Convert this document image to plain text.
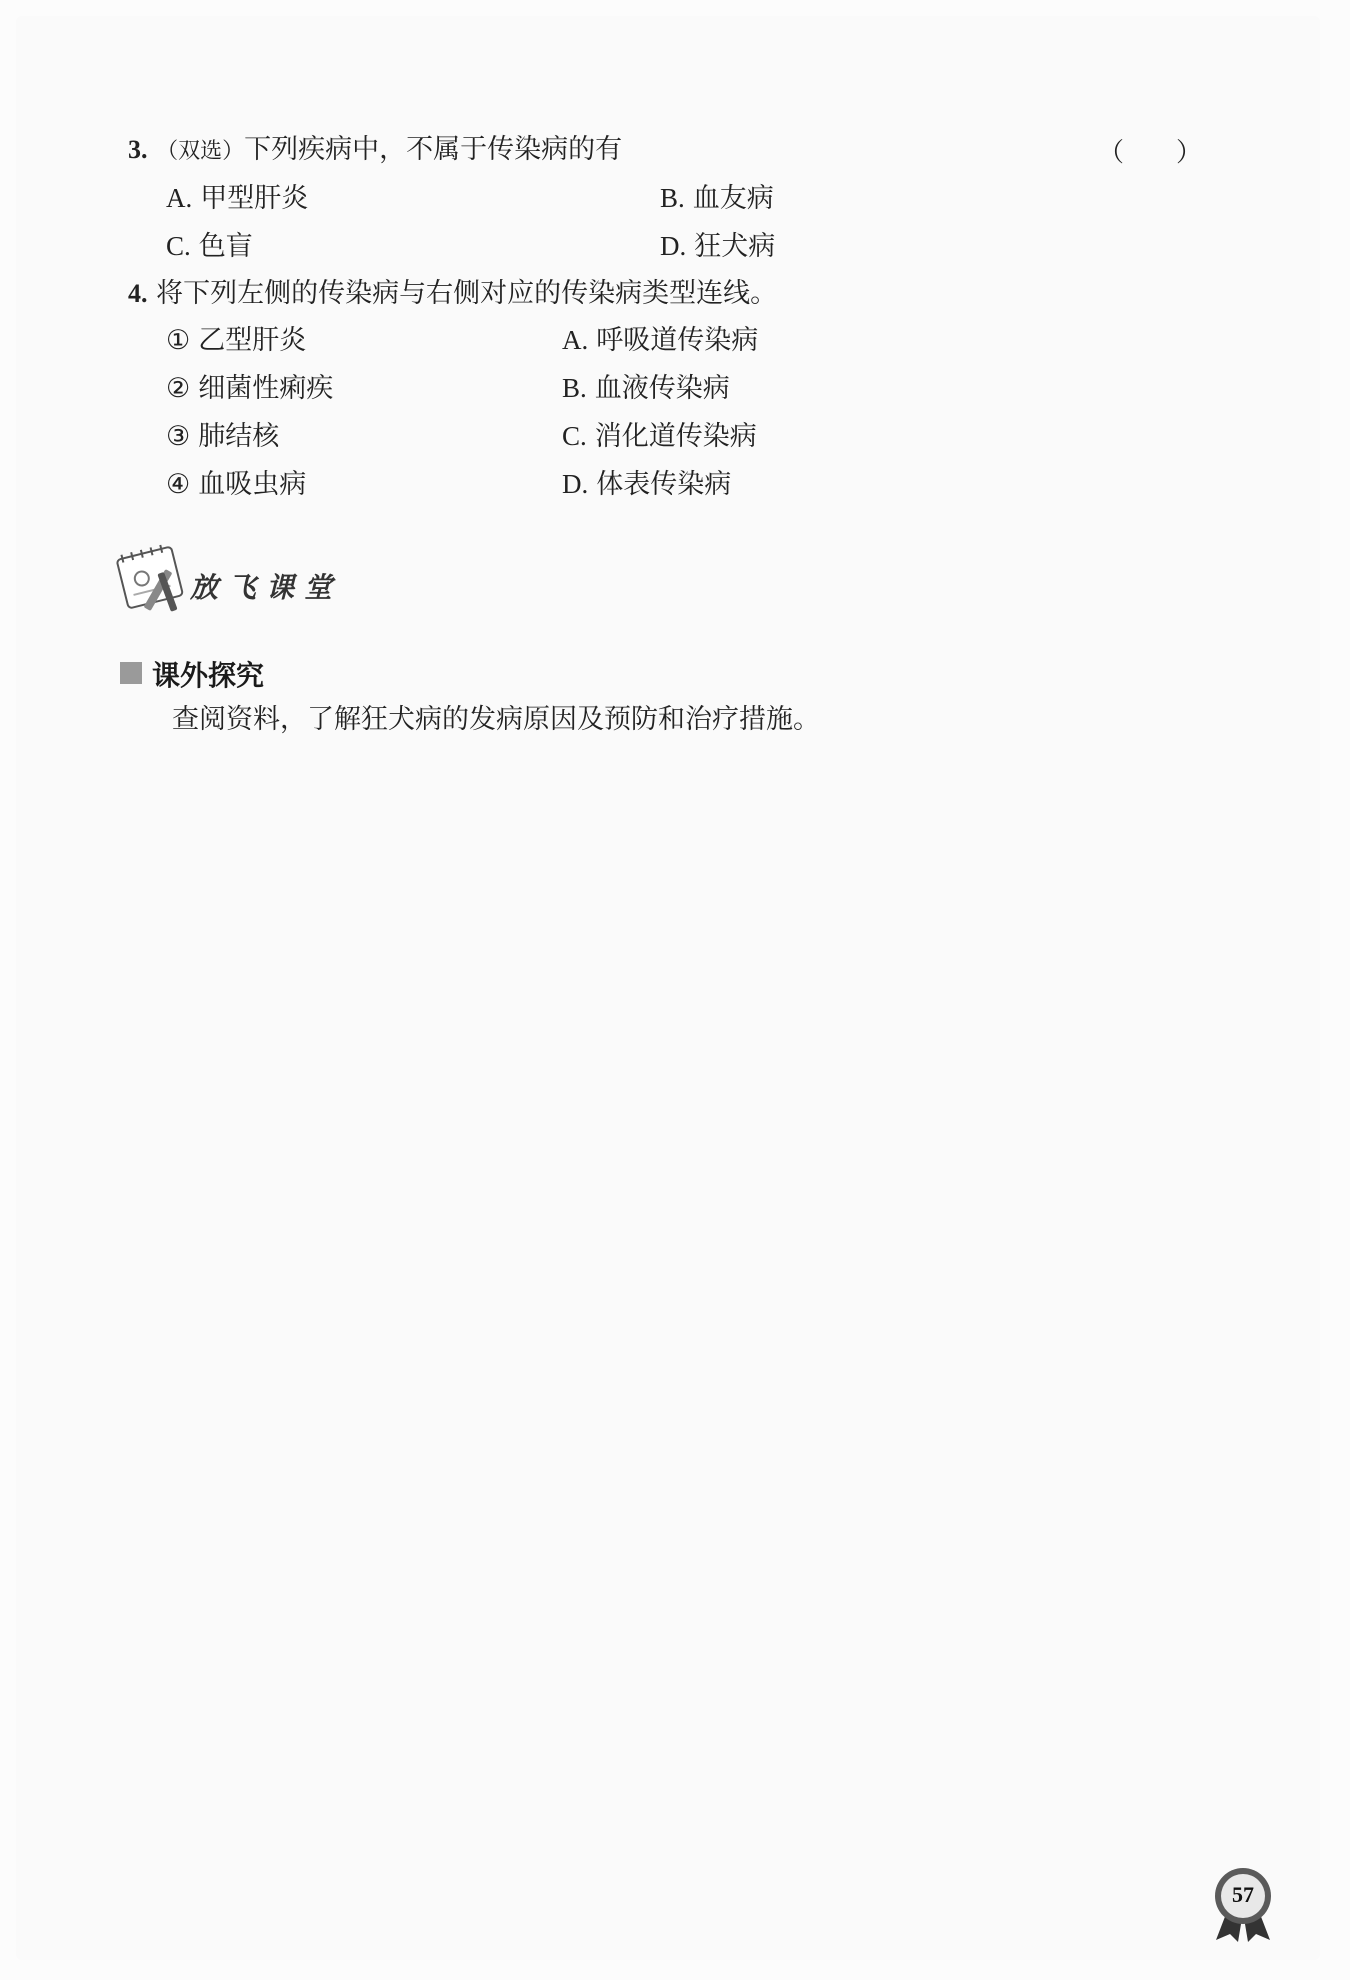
3. （双选）下列疾病中，不属于传染病的有	（　　）
A. 甲型肝炎	B. 血友病
C. 色盲	D. 狂犬病
4. 将下列左侧的传染病与右侧对应的传染病类型连线。
① 乙型肝炎	A. 呼吸道传染病
② 细菌性痢疾	B. 血液传染病
③ 肺结核	C. 消化道传染病
④ 血吸虫病	D. 体表传染病
放飞课堂
课外探究
查阅资料，了解狂犬病的发病原因及预防和治疗措施。
57
